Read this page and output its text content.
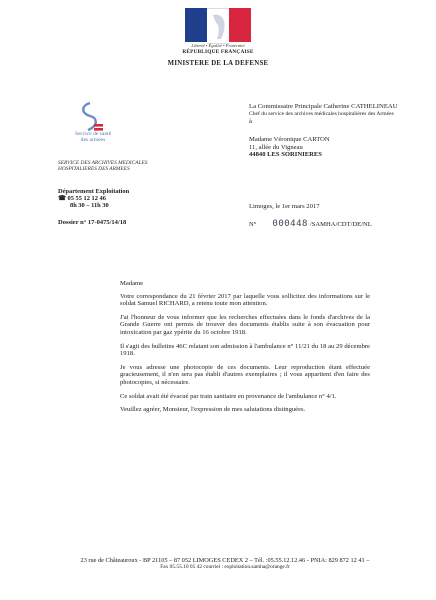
Liberté • Égalité • Fraternité
RÉPUBLIQUE FRANÇAISE
MINISTERE DE LA DEFENSE
Service de santé
des armées
SERVICE DES ARCHIVES MEDICALES
HOSPITALIERES DES ARMEES
Département Exploitation
☎ 05 55 12 12 46
8h 30 – 11h 30
Dossier n° 17-0475/14/18
La Commissaire Principale Catherine CATHELINEAU
Chef du service des archives médicales hospitalières des Armées
à
Madame Véronique CARTON
11, allée du Vigneau
44840 LES SORINIERES
Limoges, le 1er mars 2017
N° 000448 /SAMHA/CDT/DE/NL

Madame

Votre correspondance du 21 février 2017 par laquelle vous sollicitez des informations sur le soldat Samuel RICHARD, a retenu toute mon attention.

J'ai l'honneur de vous informer que les recherches effectuées dans le fonds d'archives de la Grande Guerre ont permis de trouver des documents établis suite à son évacuation pour intoxication par gaz ypérite du 16 octobre 1918.

Il s'agit des bulletins 46C relatant son admission à l'ambulance n° 11/21 du 18 au 29 décembre 1918.

Je vous adresse une photocopie de ces documents. Leur reproduction étant effectuée gracieusement, il n'en sera pas établi d'autres exemplaires ; il vous appartient d'en faire des photocopies, si nécessaire.

Ce soldat avait été évacué par train sanitaire en provenance de l'ambulance n° 4/1.

Veuillez agréer, Monsieur, l'expression de mes salutations distinguées.

23 rue de Châteauroux - BP 21105 – 87 052 LIMOGES CEDEX 2 – Tél. :05.55.12.12.46 - PNIA: 829 872 12 41 –
Fax 05.55.10 05 42 courriel : exploitation.samha@orange.fr
